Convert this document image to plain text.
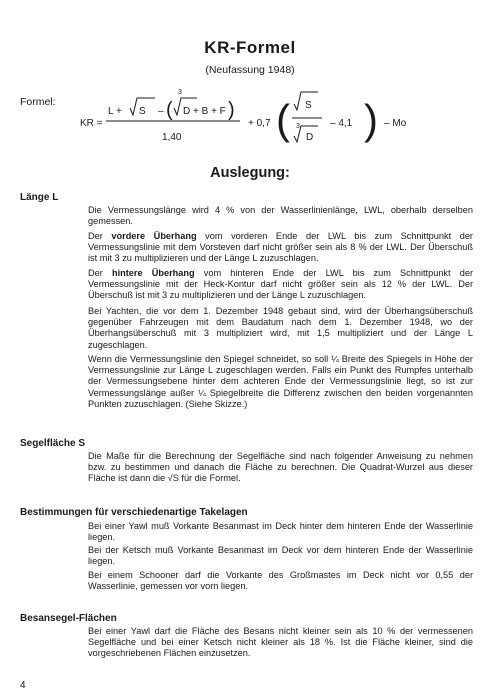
KR-Formel
(Neufassung 1948)
Formel:
KR =
L + S – (
3
D + B + F )
1,40
+ 0,7 ( S
3
D
– 4,1 ) – Mo
Auslegung:
Länge L
Die Vermessungslänge wird 4 % von der Wasserlinienlänge, LWL, oberhalb derselben gemessen.
Der vordere Überhang vom vorderen Ende der LWL bis zum Schnittpunkt der Vermessungslinie mit dem Vorsteven darf nicht größer sein als 8 % der LWL. Der Überschuß ist mit 3 zu multiplizieren und der Länge L zuzuschlagen.
Der hintere Überhang vom hinteren Ende der LWL bis zum Schnittpunkt der Vermessungslinie mit der Heck-Kontur darf nicht größer sein als 12 % der LWL. Der Überschuß ist mit 3 zu multiplizieren und der Länge L zuzuschlagen.
Bei Yachten, die vor dem 1. Dezember 1948 gebaut sind, wird der Überhangsüberschuß gegenüber Fahrzeugen mit dem Baudatum nach dem 1. Dezember 1948, wo der Überhangsüberschuß mit 3 multipliziert wird, mit 1,5 multipliziert und der Länge L zugeschlagen.
Wenn die Vermessungslinie den Spiegel schneidet, so soll ¼ Breite des Spiegels in Höhe der Vermessungslinie zur Länge L zugeschlagen werden. Falls ein Punkt des Rumpfes unterhalb der Vermessungsebene hinter dem achteren Ende der Vermessungslinie liegt, so ist zur Vermessungslänge außer ¼ Spiegelbreite die Differenz zwischen den beiden vorgenannten Punkten zuzuschlagen. (Siehe Skizze.)
Segelfläche S
Die Maße für die Berechnung der Segelfläche sind nach folgender Anweisung zu nehmen bzw. zu bestimmen und danach die Fläche zu berechnen. Die Quadrat-Wurzel aus dieser Fläche ist dann die √S für die Formel.
Bestimmungen für verschiedenartige Takelagen
Bei einer Yawl muß Vorkante Besanmast im Deck hinter dem hinteren Ende der Wasserlinie liegen.
Bei der Ketsch muß Vorkante Besanmast im Deck vor dem hinteren Ende der Wasserlinie liegen.
Bei einem Schooner darf die Vorkante des Großmastes im Deck nicht vor 0,55 der Wasserlinie, gemessen vor vorn liegen.
Besansegel-Flächen
Bei einer Yawl darf die Fläche des Besans nicht kleiner sein als 10 % der vermessenen Segelfläche und bei einer Ketsch nicht kleiner als 18 %. Ist die Fläche kleiner, sind die vorgeschriebenen Flächen einzusetzen.
4
